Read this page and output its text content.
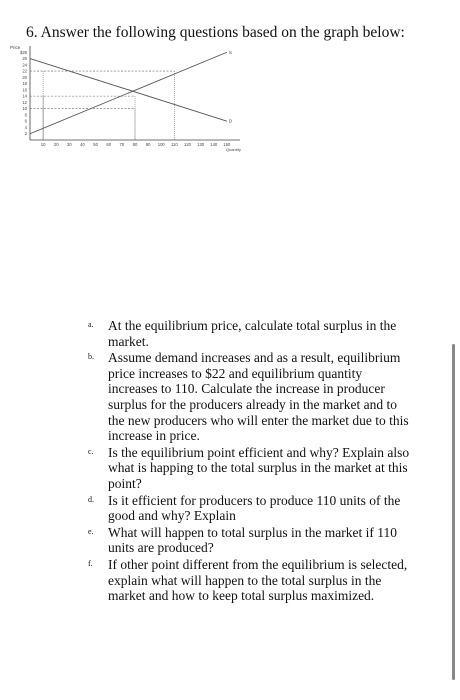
6. Answer the following questions based on the graph below:
$28
26
24
22
20
18
16
14
12
10
8
6
4
2
10 20 30 40 50 60 70 80 90 100 110 120 130 140 150
S
D
Price
Quantity
a. At the equilibrium price, calculate total surplus in the market.
b. Assume demand increases and as a result, equilibrium price increases to $22 and equilibrium quantity increases to 110. Calculate the increase in producer surplus for the producers already in the market and to the new producers who will enter the market due to this increase in price.
c. Is the equilibrium point efficient and why? Explain also what is happing to the total surplus in the market at this point?
d. Is it efficient for producers to produce 110 units of the good and why? Explain
e. What will happen to total surplus in the market if 110 units are produced?
f. If other point different from the equilibrium is selected, explain what will happen to the total surplus in the market and how to keep total surplus maximized.
